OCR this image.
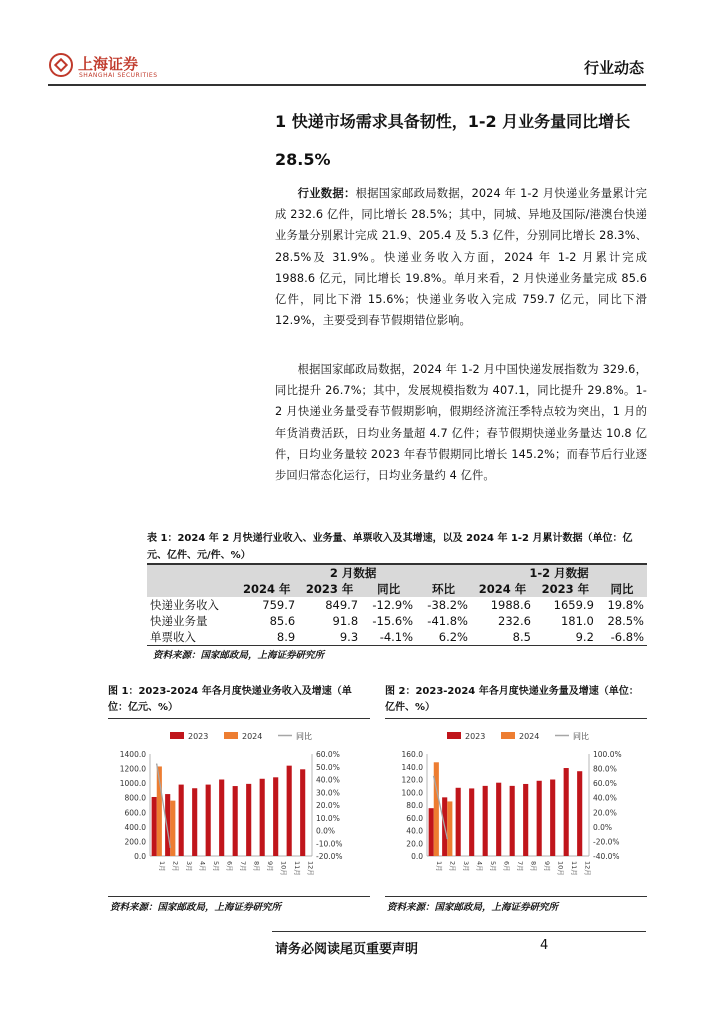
上海证券
SHANGHAI SECURITIES	行业动态
1 快递市场需求具备韧性，1-2 月业务量同比增长
28.5%
行业数据：根据国家邮政局数据，2024 年 1-2 月快递业务量累计完成 232.6 亿件，同比增长 28.5%；其中，同城、异地及国际/港澳台快递业务量分别累计完成 21.9、205.4 及 5.3 亿件，分别同比增长 28.3%、28.5%及 31.9%。快递业务收入方面，2024 年 1-2 月累计完成 1988.6 亿元，同比增长 19.8%。单月来看，2 月快递业务量完成 85.6 亿件，同比下滑 15.6%；快递业务收入完成 759.7 亿元，同比下滑 12.9%，主要受到春节假期错位影响。
根据国家邮政局数据，2024 年 1-2 月中国快递发展指数为 329.6，同比提升 26.7%；其中，发展规模指数为 407.1，同比提升 29.8%。1-2 月快递业务量受春节假期影响，假期经济流汪季特点较为突出，1 月的年货消费活跃，日均业务量超 4.7 亿件；春节假期快递业务量达 10.8 亿件，日均业务量较 2023 年春节假期同比增长 145.2%；而春节后行业逐步回归常态化运行，日均业务量约 4 亿件。
表 1：2024 年 2 月快递行业收入、业务量、单票收入及其增速，以及 2024 年 1-2 月累计数据（单位：亿元、亿件、元/件、%）
	2 月数据				1-2 月数据		
	2024 年	2023 年	同比	环比	2024 年	2023 年	同比
快递业务收入	759.7	849.7	-12.9%	-38.2%	1988.6	1659.9	19.8%
快递业务量	85.6	91.8	-15.6%	-41.8%	232.6	181.0	28.5%
单票收入	8.9	9.3	-4.1%	6.2%	8.5	9.2	-6.8%
资料来源：国家邮政局，上海证券研究所
图 1：2023-2024 年各月度快递业务收入及增速（单位：亿元、%）
2023	2024	同比
0.0
200.0
400.0
600.0
800.0
1000.0
1200.0
1400.0
-20.0%
-10.0%
0.0%
10.0%
20.0%
30.0%
40.0%
50.0%
60.0%
1月 2月 3月 4月 5月 6月 7月 8月 9月 10月 11月 12月
资料来源：国家邮政局，上海证券研究所
图 2：2023-2024 年各月度快递业务量及增速（单位：亿件、%）
2023	2024	同比
0.0
20.0
40.0
60.0
80.0
100.0
120.0
140.0
160.0
-40.0%
-20.0%
0.0%
20.0%
40.0%
60.0%
80.0%
100.0%
1月 2月 3月 4月 5月 6月 7月 8月 9月 10月 11月 12月
资料来源：国家邮政局，上海证券研究所
请务必阅读尾页重要声明	4
